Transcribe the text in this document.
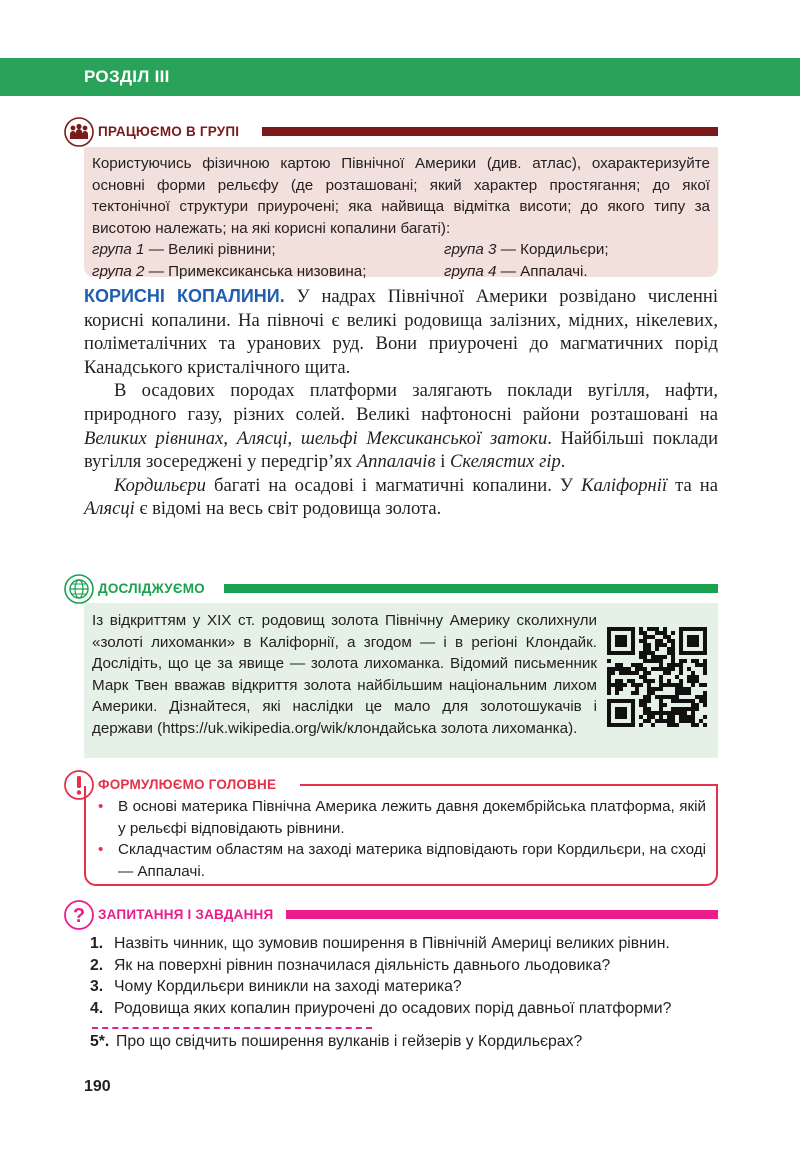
РОЗДІЛ III
ПРАЦЮЄМО В ГРУПІ

Користуючись фізичною картою Північної Америки (див. атлас), охарактеризуйте основні форми рельєфу (де розташовані; який характер простягання; до якої тектонічної структури приурочені; яка найвища відмітка висоти; до якого типу за висотою належать; на які корисні копалини багаті):

група 1 — Великі рівнини;	група 3 — Кордильєри;
група 2 — Примексиканська низовина;	група 4 — Аппалачі.

КОРИСНІ КОПАЛИНИ. У надрах Північної Америки розвідано численні корисні копалини. На півночі є великі родовища залізних, мідних, нікелевих, поліметалічних та уранових руд. Вони приурочені до магматичних порід Канадського кристалічного щита.

В осадових породах платформи залягають поклади вугілля, нафти, природного газу, різних солей. Великі нафтоносні райони розташовані на Великих рівнинах, Алясці, шельфі Мексиканської затоки. Найбільші поклади вугілля зосереджені у передгір’ях Аппалачів і Скелястих гір.

Кордильєри багаті на осадові і магматичні копалини. У Каліфорнії та на Алясці є відомі на весь світ родовища золота.

ДОСЛІДЖУЄМО

Із відкриттям у XIX ст. родовищ золота Північну Америку сколихнули «золоті лихоманки» в Каліфорнії, а згодом — і в регіоні Клондайк. Дослідіть, що це за явище — золота лихоманка. Відомий письменник Марк Твен вважав відкриття золота найбільшим національним лихом Америки. Дізнайтеся, які наслідки це мало для золотошукачів і держави (https://uk.wikipedia.org/wik/клондайська золота лихоманка).

ФОРМУЛЮЄМО ГОЛОВНЕ
• В основі материка Північна Америка лежить давня докембрійська платформа, якій у рельєфі відповідають рівнини.
• Складчастим областям на заході материка відповідають гори Кордильєри, на сході — Аппалачі.
? ЗАПИТАННЯ І ЗАВДАННЯ
1. Назвіть чинник, що зумовив поширення в Північній Америці великих рівнин.
2. Як на поверхні рівнин позначилася діяльність давнього льодовика?
3. Чому Кордильєри виникли на заході материка?
4. Родовища яких копалин приурочені до осадових порід давньої платформи?
5*. Про що свідчить поширення вулканів і гейзерів у Кордильєрах?
190
